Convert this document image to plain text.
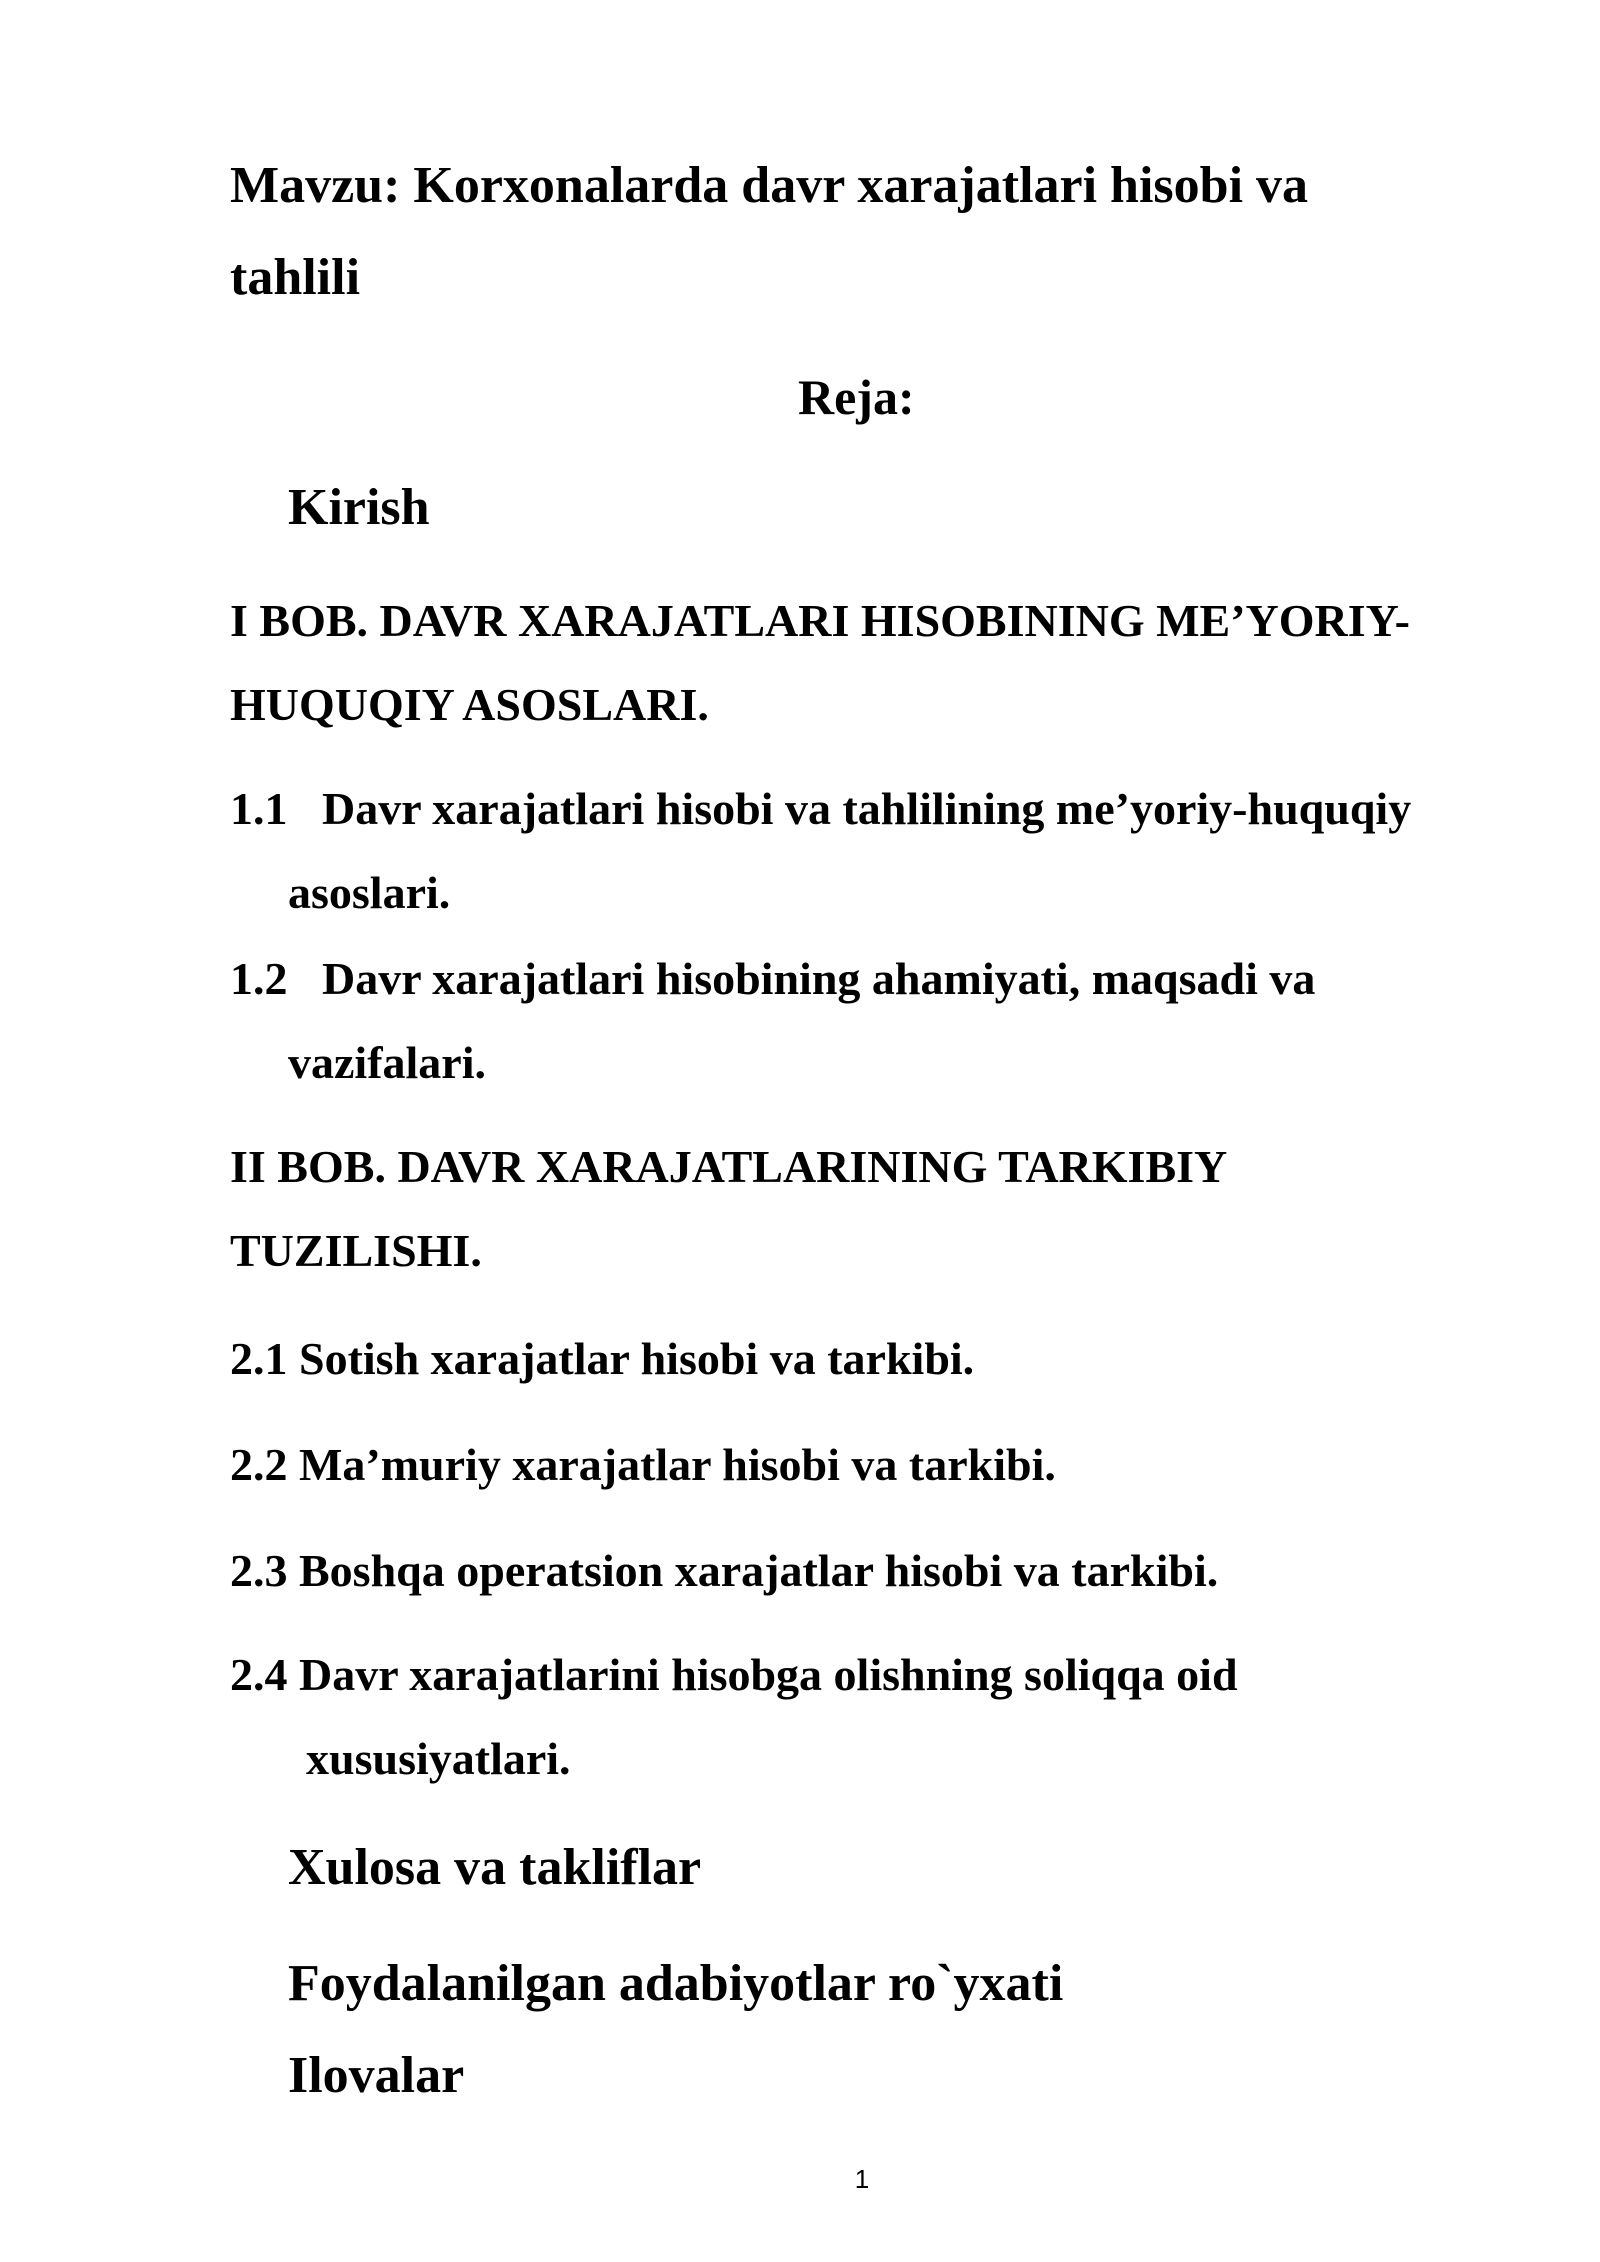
Mavzu: Korxonalarda davr xarajatlari hisobi va
tahlili
Reja:
Kirish
I BOB. DAVR XARAJATLARI HISOBINING ME’YORIY-
HUQUQIY ASOSLARI.
1.1   Davr xarajatlari hisobi va tahlilining me’yoriy-huquqiy
asoslari.
1.2   Davr xarajatlari hisobining ahamiyati, maqsadi va
vazifalari.
II BOB. DAVR XARAJATLARINING TARKIBIY
TUZILISHI.
2.1 Sotish xarajatlar hisobi va tarkibi.
2.2 Ma’muriy xarajatlar hisobi va tarkibi.
2.3 Boshqa operatsion xarajatlar hisobi va tarkibi.
2.4 Davr xarajatlarini hisobga olishning soliqqa oid
xususiyatlari.
Xulosa va takliflar
Foydalanilgan adabiyotlar ro`yxati
Ilovalar
1
